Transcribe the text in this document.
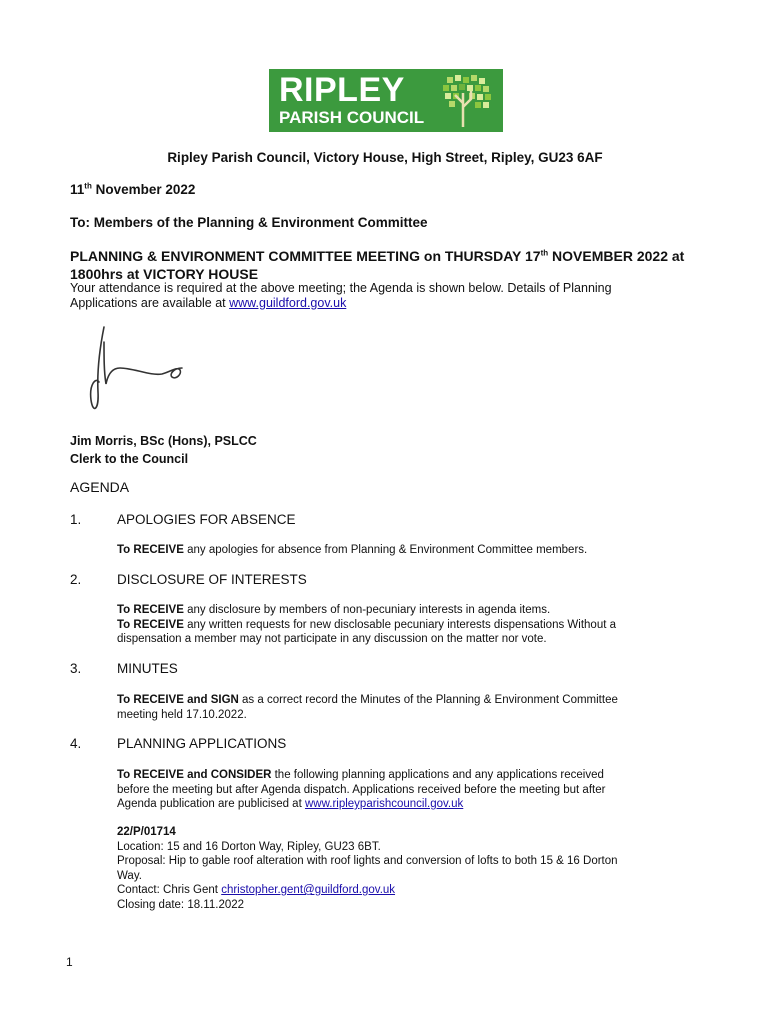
RIPLEY
PARISH COUNCIL
Ripley Parish Council, Victory House, High Street, Ripley, GU23 6AF
11th November 2022
To: Members of the Planning & Environment Committee
PLANNING & ENVIRONMENT COMMITTEE MEETING on THURSDAY 17th NOVEMBER 2022 at
1800hrs at VICTORY HOUSE
Your attendance is required at the above meeting; the Agenda is shown below. Details of Planning
Applications are available at www.guildford.gov.uk
Jim Morris, BSc (Hons), PSLCC
Clerk to the Council
AGENDA
1.	APOLOGIES FOR ABSENCE
To RECEIVE any apologies for absence from Planning & Environment Committee members.
2.	DISCLOSURE OF INTERESTS
To RECEIVE any disclosure by members of non-pecuniary interests in agenda items.
To RECEIVE any written requests for new disclosable pecuniary interests dispensations Without a
dispensation a member may not participate in any discussion on the matter nor vote.
3.	MINUTES
To RECEIVE and SIGN as a correct record the Minutes of the Planning & Environment Committee
meeting held 17.10.2022.
4.	PLANNING APPLICATIONS
To RECEIVE and CONSIDER the following planning applications and any applications received
before the meeting but after Agenda dispatch. Applications received before the meeting but after
Agenda publication are publicised at www.ripleyparishcouncil.gov.uk
22/P/01714
Location: 15 and 16 Dorton Way, Ripley, GU23 6BT.
Proposal: Hip to gable roof alteration with roof lights and conversion of lofts to both 15 & 16 Dorton
Way.
Contact: Chris Gent christopher.gent@guildford.gov.uk
Closing date: 18.11.2022
1
